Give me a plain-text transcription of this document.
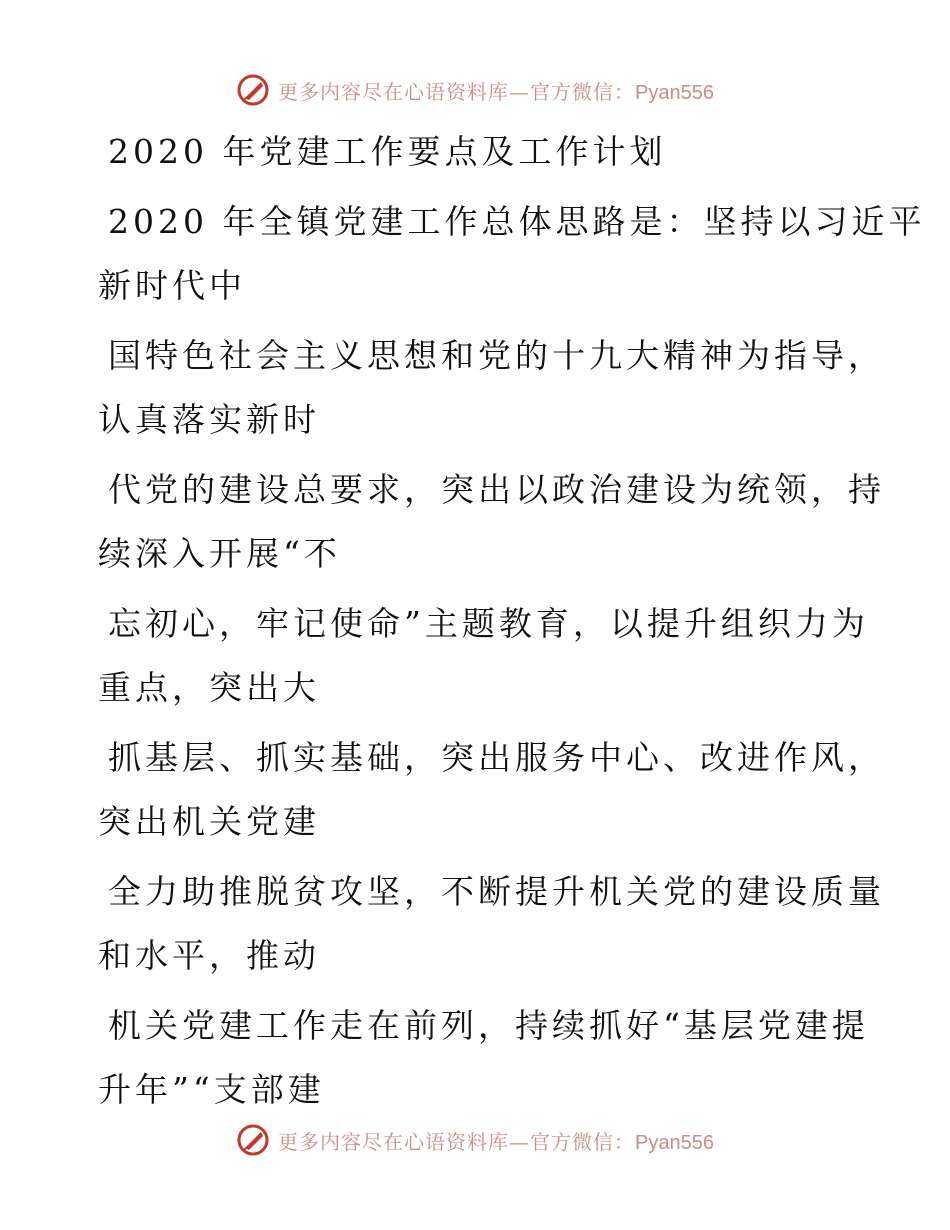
更多内容尽在心语资料库—官方微信：Pyan556

2020 年党建工作要点及工作计划

2020 年全镇党建工作总体思路是：坚持以习近平

新时代中

国特色社会主义思想和党的十九大精神为指导，

认真落实新时

代党的建设总要求，突出以政治建设为统领，持

续深入开展“不

忘初心，牢记使命”主题教育，以提升组织力为

重点，突出大

抓基层、抓实基础，突出服务中心、改进作风，

突出机关党建

全力助推脱贫攻坚，不断提升机关党的建设质量

和水平，推动

机关党建工作走在前列，持续抓好“基层党建提

升年”“支部建

更多内容尽在心语资料库—官方微信：Pyan556
